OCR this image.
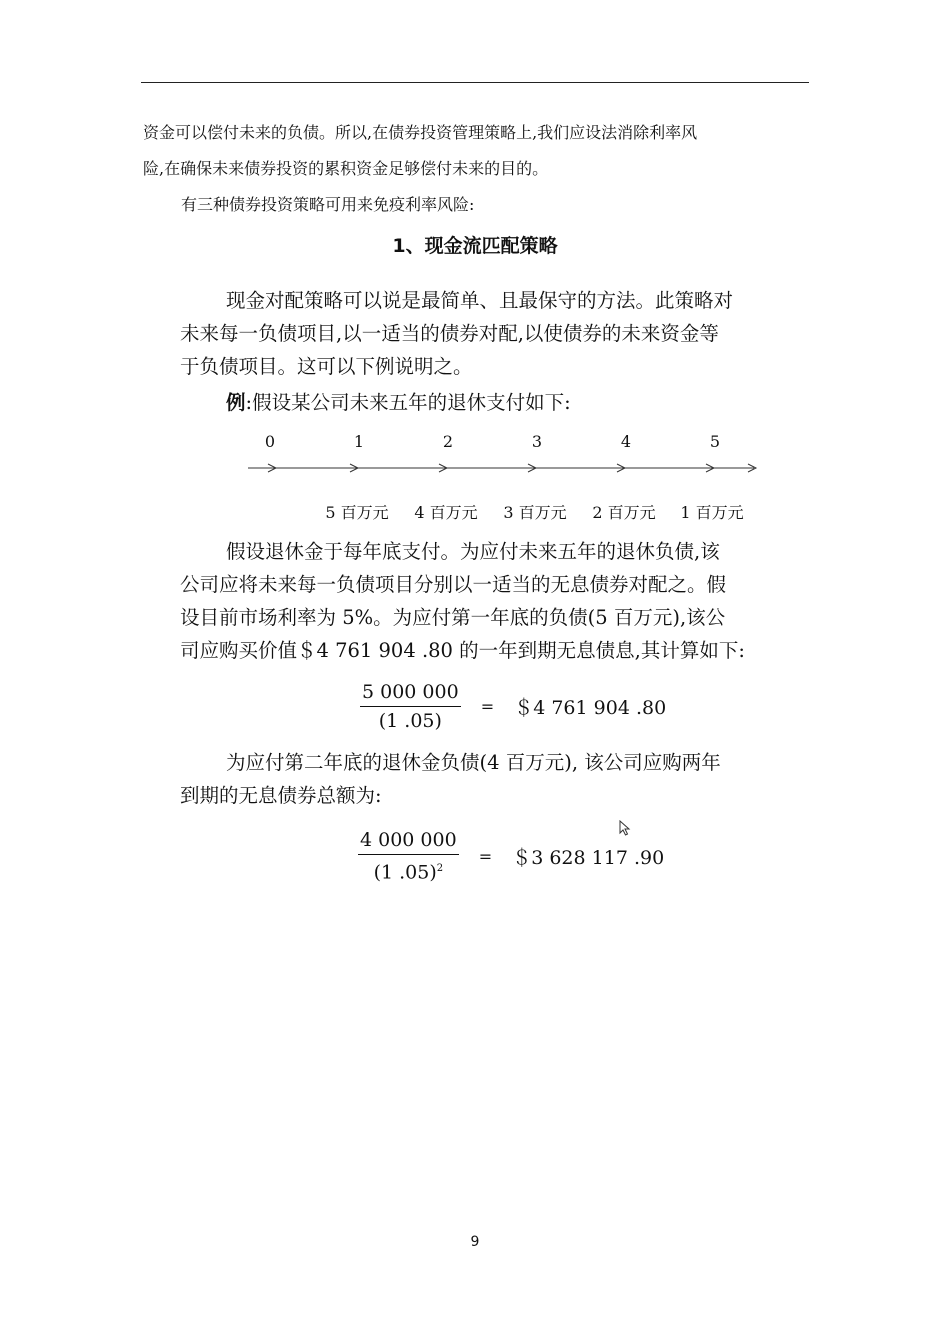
资金可以偿付未来的负债。所以,在债券投资管理策略上,我们应设法消除利率风
险,在确保未来债券投资的累积资金足够偿付未来的目的。

有三种债券投资策略可用来免疫利率风险:

1、现金流匹配策略

现金对配策略可以说是最简单、且最保守的方法。此策略对
未来每一负债项目,以一适当的债券对配,以使债券的未来资金等
于负债项目。这可以下例说明之。

例:假设某公司未来五年的退休支付如下:

0	1	2	3	4	5
5 百万元 4 百万元 3 百万元 2 百万元 1 百万元

假设退休金于每年底支付。为应付未来五年的退休负债,该
公司应将未来每一负债项目分别以一适当的无息债券对配之。假
设目前市场利率为 5%。为应付第一年底的负债(5 百万元),该公
司应购买价值＄4 761 904 .80 的一年到期无息债息,其计算如下:

$\frac{5 000 000}{(1 .05)}$ = ＄4 761 904 .80

为应付第二年底的退休金负债(4 百万元), 该公司应购两年
到期的无息债券总额为:

$\frac{4 000 000}{(1 .05)^2}$ = ＄3 628 117 .90
9
